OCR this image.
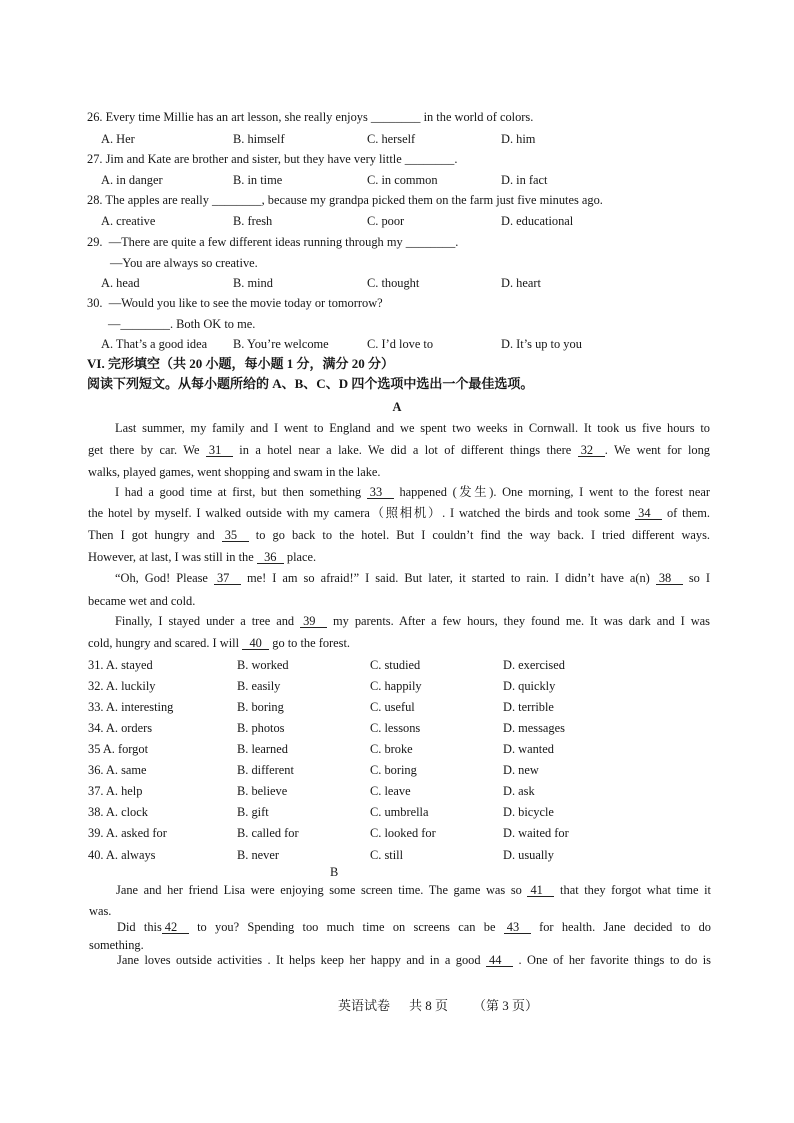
26. Every time Millie has an art lesson, she really enjoys ________ in the world of colors.
A. Her	B. himself	C. herself	D. him
27. Jim and Kate are brother and sister, but they have very little ________.
A. in danger	B. in time	C. in common	D. in fact
28. The apples are really ________, because my grandpa picked them on the farm just five minutes ago.
A. creative	B. fresh	C. poor	D. educational
29. —There are quite a few different ideas running through my ________.
—You are always so creative.
A. head	B. mind	C. thought	D. heart
30. —Would you like to see the movie today or tomorrow?
—________. Both OK to me.
A. That’s a good idea B. You’re welcome	C. I’d love to	D. It’s up to you
VI. 完形填空（共 20 小题，每小题 1 分，满分 20 分）
阅读下列短文。从每小题所给的 A、B、C、D 四个选项中选出一个最佳选项。
A
Last summer, my family and I went to England and we spent two weeks in Cornwall. It took us five hours to
get there by car. We 31 in a hotel near a lake. We did a lot of different things there 32 . We went for long
walks, played games, went shopping and swam in the lake.
I had a good time at first, but then something 33 happened (发生). One morning, I went to the forest near
the hotel by myself. I walked outside with my camera（照相机）. I watched the birds and took some 34 of them.
Then I got hungry and 35 to go back to the hotel. But I couldn’t find the way back. I tried different ways.
However, at last, I was still in the 36 place.
“Oh, God! Please 37 me! I am so afraid!” I said. But later, it started to rain. I didn’t have a(n) 38 so I
became wet and cold.
Finally, I stayed under a tree and 39 my parents. After a few hours, they found me. It was dark and I was
cold, hungry and scared. I will 40 go to the forest.
31. A. stayed	B. worked	C. studied	D. exercised
32. A. luckily	B. easily	C. happily	D. quickly
33. A. interesting	B. boring	C. useful	D. terrible
34. A. orders	B. photos	C. lessons	D. messages
35 A. forgot	B. learned	C. broke	D. wanted
36. A. same	B. different	C. boring	D. new
37. A. help	B. believe	C. leave	D. ask
38. A. clock	B. gift	C. umbrella	D. bicycle
39. A. asked for	B. called for	C. looked for	D. waited for
40. A. always	B. never	C. still	D. usually
B
Jane and her friend Lisa were enjoying some screen time. The game was so 41 that they forgot what time it
was.
Did this 42 to you? Spending too much time on screens can be 43 for health. Jane decided to do
something.
Jane loves outside activities . It helps keep her happy and in a good 44 . One of her favorite things to do is
英语试卷 共 8 页 （第 3 页）
